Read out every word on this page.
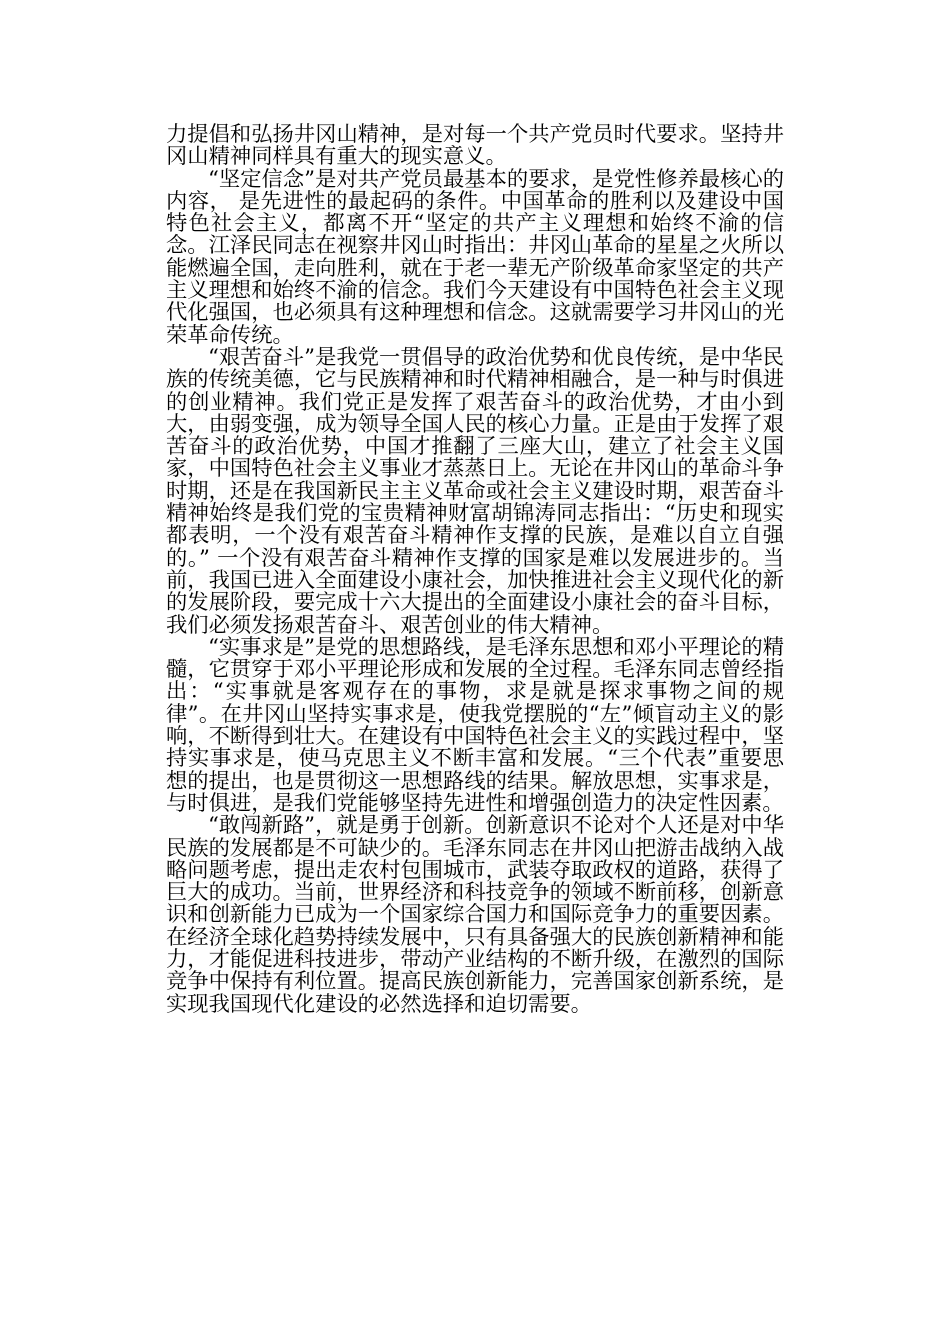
力提倡和弘扬井冈山精神，是对每一个共产党员时代要求。坚持井冈山精神同样具有重大的现实意义。

“坚定信念”是对共产党员最基本的要求，是党性修养最核心的内容， 是先进性的最起码的条件。中国革命的胜利以及建设中国特色社会主义，都离不开“坚定的共产主义理想和始终不渝的信念。江泽民同志在视察井冈山时指出：井冈山革命的星星之火所以能燃遍全国，走向胜利，就在于老一辈无产阶级革命家坚定的共产主义理想和始终不渝的信念。我们今天建设有中国特色社会主义现代化强国，也必须具有这种理想和信念。这就需要学习井冈山的光荣革命传统。

“艰苦奋斗”是我党一贯倡导的政治优势和优良传统，是中华民族的传统美德，它与民族精神和时代精神相融合，是一种与时俱进的创业精神。我们党正是发挥了艰苦奋斗的政治优势，才由小到大，由弱变强，成为领导全国人民的核心力量。正是由于发挥了艰苦奋斗的政治优势，中国才推翻了三座大山，建立了社会主义国家，中国特色社会主义事业才蒸蒸日上。无论在井冈山的革命斗争时期，还是在我国新民主主义革命或社会主义建设时期，艰苦奋斗精神始终是我们党的宝贵精神财富胡锦涛同志指出：“历史和现实都表明，一个没有艰苦奋斗精神作支撑的民族，是难以自立自强的。” 一个没有艰苦奋斗精神作支撑的国家是难以发展进步的。当前，我国已进入全面建设小康社会，加快推进社会主义现代化的新的发展阶段，要完成十六大提出的全面建设小康社会的奋斗目标，我们必须发扬艰苦奋斗、艰苦创业的伟大精神。

“实事求是”是党的思想路线，是毛泽东思想和邓小平理论的精髓，它贯穿于邓小平理论形成和发展的全过程。毛泽东同志曾经指出：“实事就是客观存在的事物，求是就是探求事物之间的规律”。在井冈山坚持实事求是，使我党摆脱的“左”倾盲动主义的影响，不断得到壮大。在建设有中国特色社会主义的实践过程中，坚持实事求是，使马克思主义不断丰富和发展。“三个代表”重要思想的提出，也是贯彻这一思想路线的结果。解放思想，实事求是，与时俱进，是我们党能够坚持先进性和增强创造力的决定性因素。

“敢闯新路”，就是勇于创新。创新意识不论对个人还是对中华民族的发展都是不可缺少的。毛泽东同志在井冈山把游击战纳入战略问题考虑，提出走农村包围城市，武装夺取政权的道路，获得了巨大的成功。当前，世界经济和科技竞争的领域不断前移，创新意识和创新能力已成为一个国家综合国力和国际竞争力的重要因素。在经济全球化趋势持续发展中，只有具备强大的民族创新精神和能力，才能促进科技进步，带动产业结构的不断升级，在激烈的国际竞争中保持有利位置。提高民族创新能力，完善国家创新系统，是实现我国现代化建设的必然选择和迫切需要。
